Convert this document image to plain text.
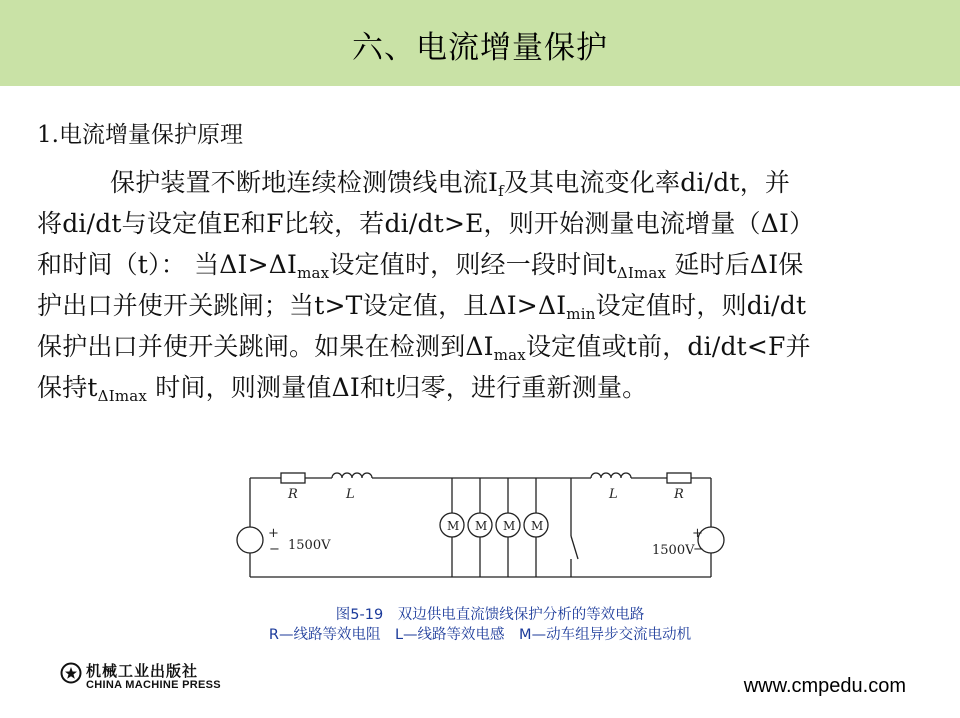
六、电流增量保护
1.电流增量保护原理
保护装置不断地连续检测馈线电流$I_f$及其电流变化率di/dt，并
将di/dt与设定值E和F比较，若di/dt>E，则开始测量电流增量（ΔI）
和时间（t）： 当$\Delta I>\Delta I_{max}$设定值时，则经一段时间$t_{\Delta Imax}$ 延时后ΔI保
护出口并使开关跳闸；当t>T设定值，且$\Delta I>\Delta I_{min}$设定值时，则di/dt
保护出口并使开关跳闸。如果在检测到$\Delta I_{max}$设定值或t前，di/dt<F并
保持$t_{\Delta Imax}$ 时间，则测量值ΔI和t归零，进行重新测量。
R	L	L	R
+
− 1500V
+
−
1500V
M M M M
图5-19　双边供电直流馈线保护分析的等效电路
R—线路等效电阻　L—线路等效电感　M—动车组异步交流电动机
机械工业出版社
CHINA MACHINE PRESS	www.cmpedu.com
